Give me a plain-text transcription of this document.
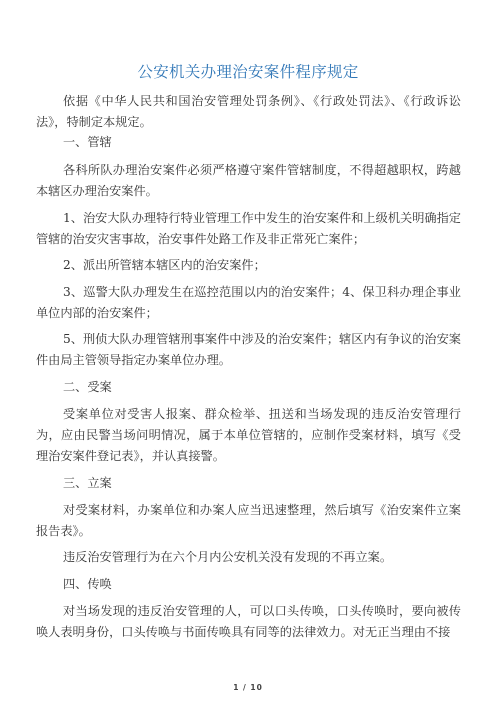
公安机关办理治安案件程序规定

依据《中华人民共和国治安管理处罚条例》、《行政处罚法》、《行政诉讼法》，特制定本规定。

一、管辖

各科所队办理治安案件必须严格遵守案件管辖制度，不得超越职权，跨越本辖区办理治安案件。

1、治安大队办理特行特业管理工作中发生的治安案件和上级机关明确指定管辖的治安灾害事故，治安事件处路工作及非正常死亡案件；

2、派出所管辖本辖区内的治安案件；

3、巡警大队办理发生在巡控范围以内的治安案件；4、保卫科办理企事业单位内部的治安案件；

5、刑侦大队办理管辖刑事案件中涉及的治安案件；辖区内有争议的治安案件由局主管领导指定办案单位办理。

二、受案

受案单位对受害人报案、群众检举、扭送和当场发现的违反治安管理行为，应由民警当场问明情况，属于本单位管辖的，应制作受案材料，填写《受理治安案件登记表》，并认真接警。

三、立案

对受案材料，办案单位和办案人应当迅速整理，然后填写《治安案件立案报告表》。

违反治安管理行为在六个月内公安机关没有发现的不再立案。

四、传唤

对当场发现的违反治安管理的人，可以口头传唤，口头传唤时，要向被传唤人表明身份，口头传唤与书面传唤具有同等的法律效力。对无正当理由不接

1 / 10
